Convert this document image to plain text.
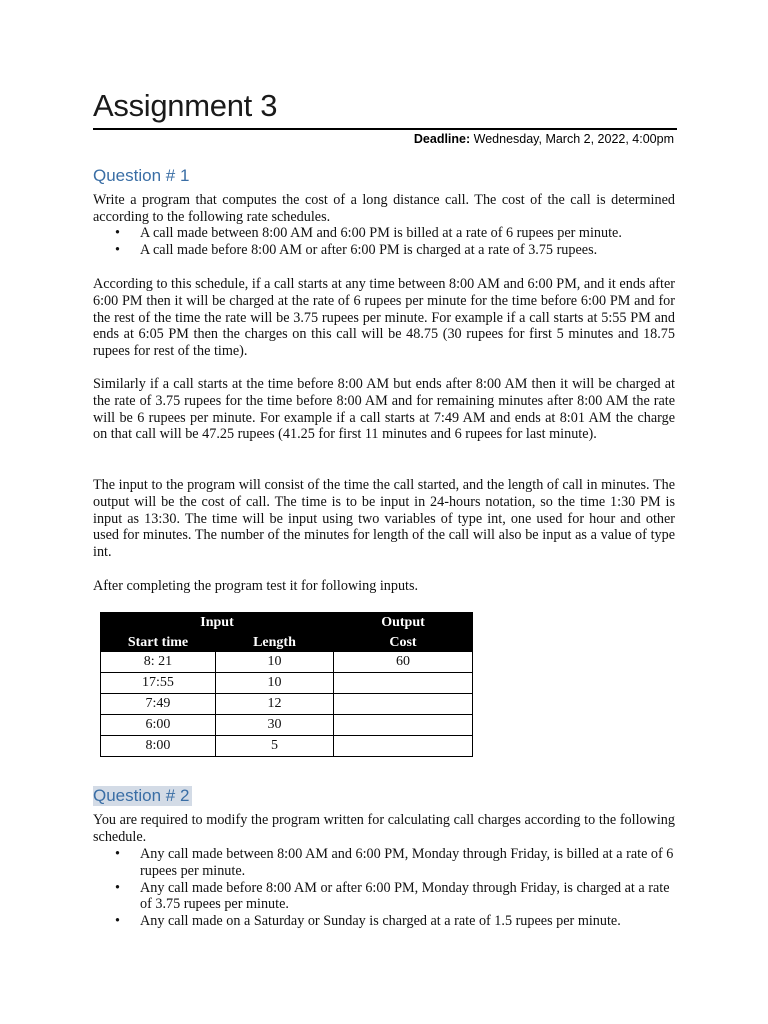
Assignment 3
Deadline: Wednesday, March 2, 2022, 4:00pm
Question # 1
Write a program that computes the cost of a long distance call. The cost of the call is determined according to the following rate schedules.
• A call made between 8:00 AM and 6:00 PM is billed at a rate of 6 rupees per minute.
• A call made before 8:00 AM or after 6:00 PM is charged at a rate of 3.75 rupees.
According to this schedule, if a call starts at any time between 8:00 AM and 6:00 PM, and it ends after 6:00 PM then it will be charged at the rate of 6 rupees per minute for the time before 6:00 PM and for the rest of the time the rate will be 3.75 rupees per minute. For example if a call starts at 5:55 PM and ends at 6:05 PM then the charges on this call will be 48.75 (30 rupees for first 5 minutes and 18.75 rupees for rest of the time).
Similarly if a call starts at the time before 8:00 AM but ends after 8:00 AM then it will be charged at the rate of 3.75 rupees for the time before 8:00 AM and for remaining minutes after 8:00 AM the rate will be 6 rupees per minute. For example if a call starts at 7:49 AM and ends at 8:01 AM the charge on that call will be 47.25 rupees (41.25 for first 11 minutes and 6 rupees for last minute).
The input to the program will consist of the time the call started, and the length of call in minutes. The output will be the cost of call. The time is to be input in 24-hours notation, so the time 1:30 PM is input as 13:30. The time will be input using two variables of type int, one used for hour and other used for minutes. The number of the minutes for length of the call will also be input as a value of type int.
After completing the program test it for following inputs.
Input		Output
Start time	Length	Cost
8: 21	10	60
17:55	10	
7:49	12	
6:00	30	
8:00	5	
Question # 2
You are required to modify the program written for calculating call charges according to the following schedule.
• Any call made between 8:00 AM and 6:00 PM, Monday through Friday, is billed at a rate of 6 rupees per minute.
• Any call made before 8:00 AM or after 6:00 PM, Monday through Friday, is charged at a rate of 3.75 rupees per minute.
• Any call made on a Saturday or Sunday is charged at a rate of 1.5 rupees per minute.
